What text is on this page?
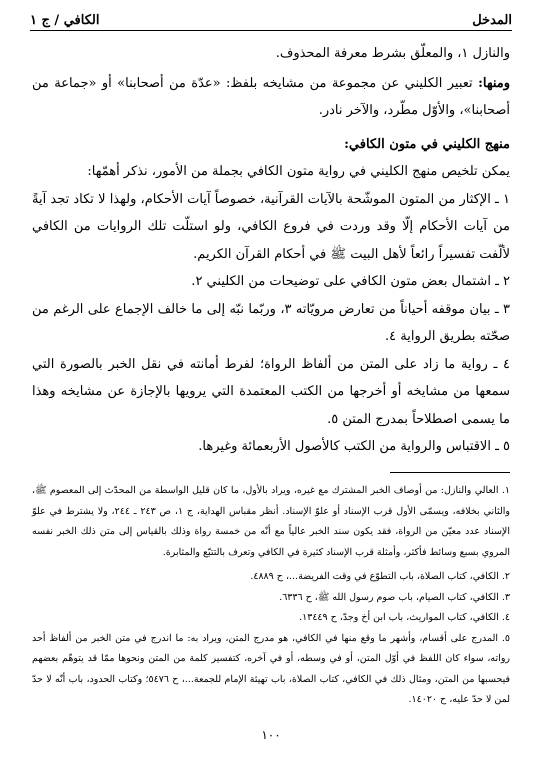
المدخل
الكافي / ج ١

والنازل ١، والمعلّق بشرط معرفة المحذوف.

ومنها: تعبير الكليني عن مجموعة من مشايخه بلفظ: «عدّة من أصحابنا» أو «جماعة من أصحابنا»، والأوّل مطّرد، والآخر نادر.

منهج الكليني في متون الكافي:

يمكن تلخيص منهج الكليني في رواية متون الكافي بجملة من الأمور، نذكر أهمّها:

١ ـ الإكثار من المتون الموشّحة بالآيات القرآنية، خصوصاً آيات الأحكام، ولهذا لا تكاد تجد آيةً من آيات الأحكام إلّا وقد وردت في فروع الكافي، ولو استلّت تلك الروايات من الكافي لألّفت تفسيراً رائعاً لأهل البيت ﷺ في أحكام القرآن الكريم.

٢ ـ اشتمال بعض متون الكافي على توضيحات من الكليني ٢.

٣ ـ بيان موقفه أحياناً من تعارض مرويّاته ٣، وربّما نبّه إلى ما خالف الإجماع على الرغم من صحّته بطريق الرواية ٤.

٤ ـ رواية ما زاد على المتن من ألفاظ الرواة؛ لفرط أمانته في نقل الخبر بالصورة التي سمعها من مشايخه أو أخرجها من الكتب المعتمدة التي يرويها بالإجازة عن مشايخه وهذا ما يسمى اصطلاحاً بمدرج المتن ٥.

٥ ـ الاقتباس والرواية من الكتب كالأصول الأربعمائة وغيرها.

١. العالي والنازل: من أوصاف الخبر المشترك مع غيره، ويراد بالأول، ما كان قليل الواسطة من المحدّث إلى المعصوم ﷺ، والثاني بخلافه، ويسمّى الأول قرب الإسناد أو علوّ الإسناد. أنظر مقباس الهداية، ج ١، ص ٢٤٣ ـ ٢٤٤، ولا يشترط في علوّ الإسناد عدد معيّن من الرواة، فقد يكون سند الخبر عالياً مع أنّه من خمسة رواة وذلك بالقياس إلى متن ذلك الخبر نفسه المروي بسبع وسائط فأكثر، وأمثلة قرب الإسناد كثيرة في الكافي وتعرف بالتتبّع والمثابرة.

٢. الكافي، كتاب الصلاة، باب التطوّع في وقت الفريضة...، ح ٤٨٨٩.

٣. الكافي، كتاب الصيام، باب صوم رسول الله ﷺ، ح ٦٣٣٦.

٤. الكافي، كتاب المواريث، باب ابن أخ وجدّ، ح ١٣٤٤٩.

٥. المدرج على أقسام، وأشهر ما وقع منها في الكافي، هو مدرج المتن، ويراد به: ما اندرج في متن الخبر من ألفاظ أحد رواته، سواء كان اللفظ في أوّل المتن، أو في وسطه، أو في آخره، كتفسير كلمة من المتن ونحوها ممّا قد يتوهّم بعضهم فيحسبها من المتن، ومثال ذلك في الكافي، كتاب الصلاة، باب تهيئة الإمام للجمعة...، ح ٥٤٧٦؛ وكتاب الحدود، باب أنّه لا حدّ لمن لا حدّ عليه، ح ١٤٠٢٠.

١٠٠
